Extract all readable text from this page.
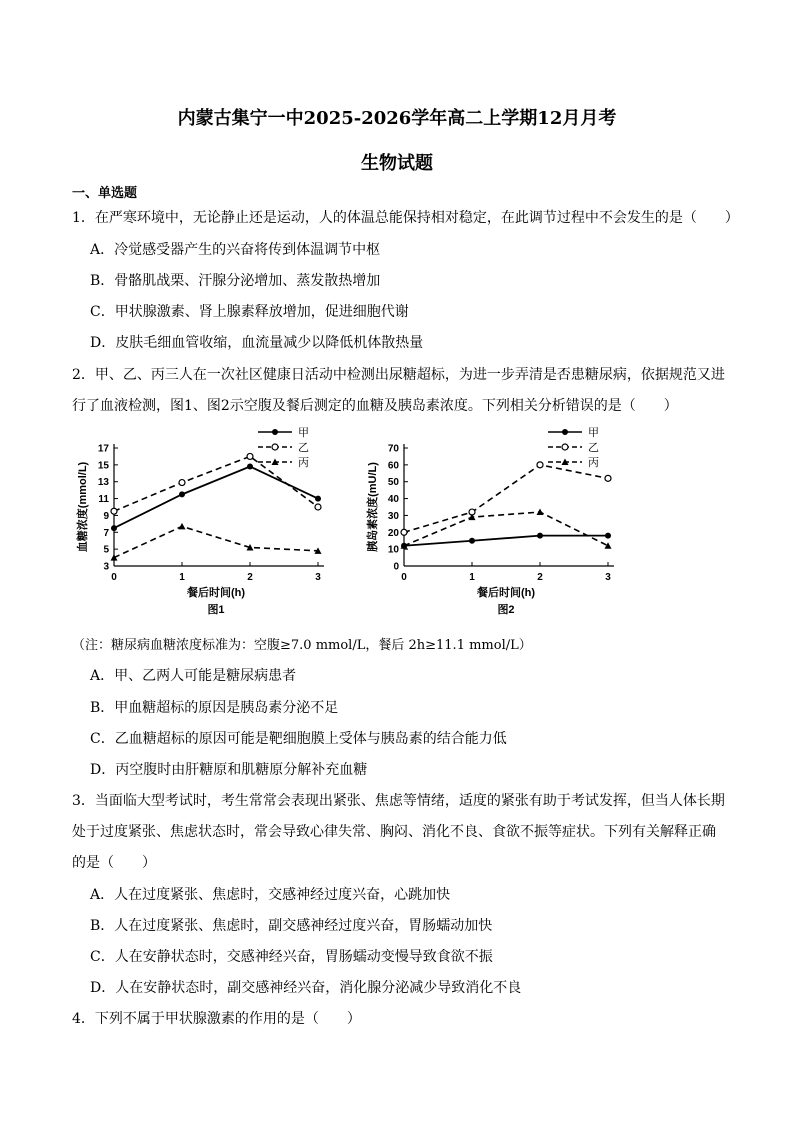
内蒙古集宁一中2025-2026学年高二上学期12月月考
生物试题
一、单选题
1．在严寒环境中，无论静止还是运动，人的体温总能保持相对稳定，在此调节过程中不会发生的是（　　）
A．冷觉感受器产生的兴奋将传到体温调节中枢
B．骨骼肌战栗、汗腺分泌增加、蒸发散热增加
C．甲状腺激素、肾上腺素释放增加，促进细胞代谢
D．皮肤毛细血管收缩，血流量减少以降低机体散热量
2．甲、乙、丙三人在一次社区健康日活动中检测出尿糖超标，为进一步弄清是否患糖尿病，依据规范又进
行了血液检测，图1、图2示空腹及餐后测定的血糖及胰岛素浓度。下列相关分析错误的是（　　）
3
5
7
9
11
13
15
17
0	1	2	3
甲
乙
丙
餐后时间(h)
图1
血糖浓度(mmol/L)
0
10
20
30
40
50
60
70
0	1	2	3
甲
乙
丙
餐后时间(h)
图2
胰岛素浓度(mU/L)
（注：糖尿病血糖浓度标准为：空腹≥7.0 mmol/L，餐后 2h≥11.1 mmol/L）
A．甲、乙两人可能是糖尿病患者
B．甲血糖超标的原因是胰岛素分泌不足
C．乙血糖超标的原因可能是靶细胞膜上受体与胰岛素的结合能力低
D．丙空腹时由肝糖原和肌糖原分解补充血糖
3．当面临大型考试时，考生常常会表现出紧张、焦虑等情绪，适度的紧张有助于考试发挥，但当人体长期
处于过度紧张、焦虑状态时，常会导致心律失常、胸闷、消化不良、食欲不振等症状。下列有关解释正确
的是（　　）
A．人在过度紧张、焦虑时，交感神经过度兴奋，心跳加快
B．人在过度紧张、焦虑时，副交感神经过度兴奋，胃肠蠕动加快
C．人在安静状态时，交感神经兴奋，胃肠蠕动变慢导致食欲不振
D．人在安静状态时，副交感神经兴奋，消化腺分泌减少导致消化不良
4．下列不属于甲状腺激素的作用的是（　　）
